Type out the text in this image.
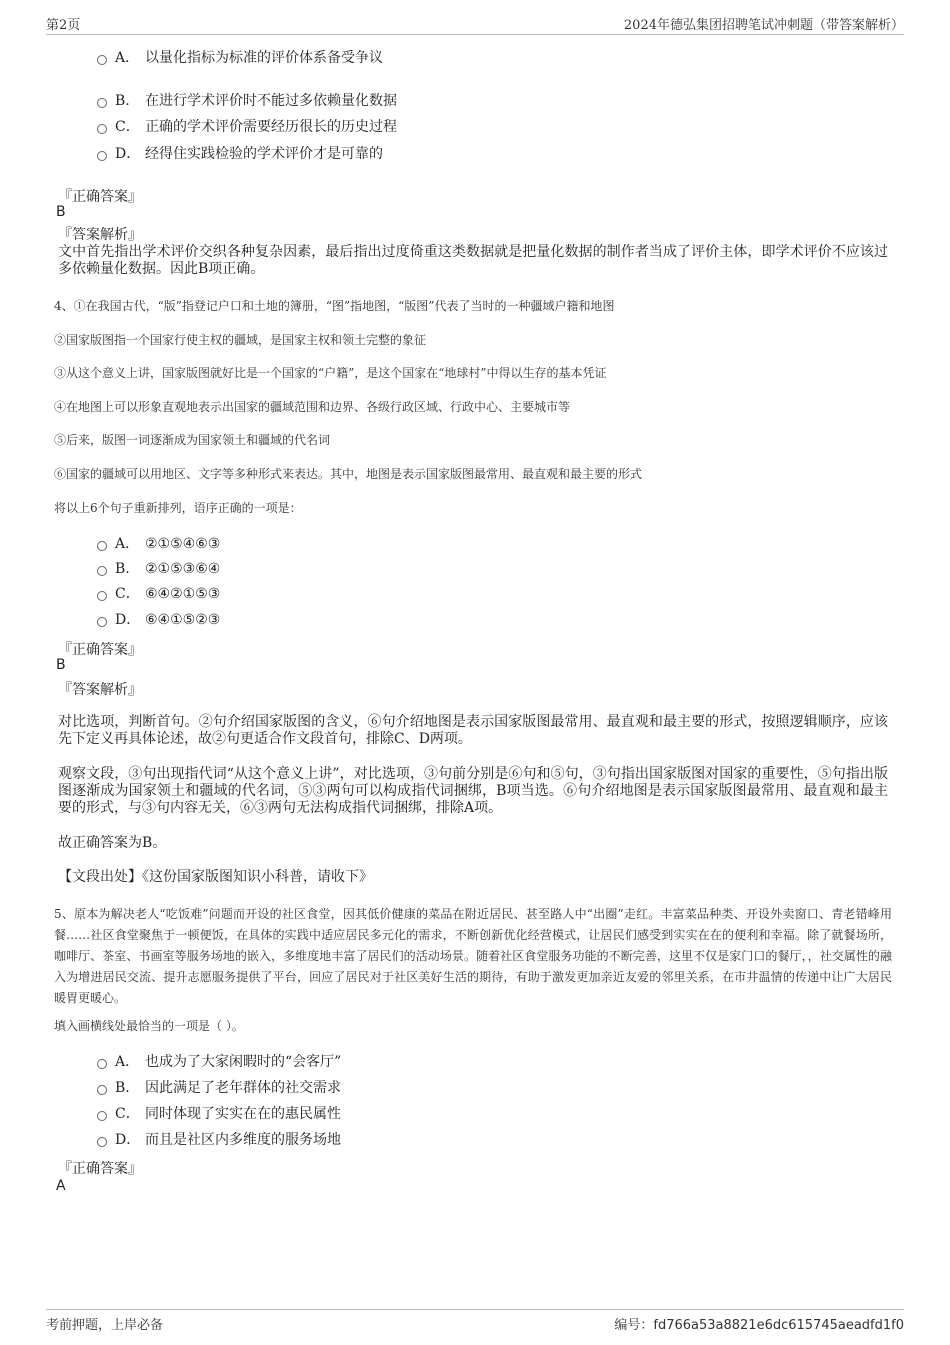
第2页	2024年德弘集团招聘笔试冲刺题（带答案解析）
A． 以量化指标为标准的评价体系备受争议
B. 在进行学术评价时不能过多依赖量化数据
C． 正确的学术评价需要经历很长的历史过程
D． 经得住实践检验的学术评价才是可靠的
『正确答案』
B
『答案解析』
文中首先指出学术评价交织各种复杂因素，最后指出过度倚重这类数据就是把量化数据的制作者当成了评价主体，即学术评价不应该过多依赖量化数据。因此B项正确。
4、①在我国古代，“版”指登记户口和土地的簿册，“图”指地图，“版图”代表了当时的一种疆域户籍和地图
②国家版图指一个国家行使主权的疆域，是国家主权和领土完整的象征
③从这个意义上讲，国家版图就好比是一个国家的“户籍”，是这个国家在“地球村”中得以生存的基本凭证
④在地图上可以形象直观地表示出国家的疆域范围和边界、各级行政区域、行政中心、主要城市等
⑤后来，版图一词逐渐成为国家领土和疆域的代名词
⑥国家的疆域可以用地区、文字等多种形式来表达。其中，地图是表示国家版图最常用、最直观和最主要的形式
将以上6个句子重新排列，语序正确的一项是：
A． ②①⑤④⑥③
B. ②①⑤③⑥④
C． ⑥④②①⑤③
D． ⑥④①⑤②③
『正确答案』
B
『答案解析』
对比选项，判断首句。②句介绍国家版图的含义，⑥句介绍地图是表示国家版图最常用、最直观和最主要的形式，按照逻辑顺序，应该先下定义再具体论述，故②句更适合作文段首句，排除C、D两项。
观察文段，③句出现指代词“从这个意义上讲”，对比选项，③句前分别是⑥句和⑤句，③句指出国家版图对国家的重要性，⑤句指出版图逐渐成为国家领土和疆域的代名词，⑤③两句可以构成指代词捆绑，B项当选。⑥句介绍地图是表示国家版图最常用、最直观和最主要的形式，与③句内容无关，⑥③两句无法构成指代词捆绑，排除A项。
故正确答案为B。
【文段出处】《这份国家版图知识小科普，请收下》
5、原本为解决老人“吃饭难”问题而开设的社区食堂，因其低价健康的菜品在附近居民、甚至路人中“出圈”走红。丰富菜品种类、开设外卖窗口、青老错峰用餐……社区食堂聚焦于一顿便饭，在具体的实践中适应居民多元化的需求，不断创新优化经营模式，让居民们感受到实实在在的便利和幸福。除了就餐场所，咖啡厅、茶室、书画室等服务场地的嵌入，多维度地丰富了居民们的活动场景。随着社区食堂服务功能的不断完善，这里不仅是家门口的餐厅，，社交属性的融入为增进居民交流、提升志愿服务提供了平台，回应了居民对于社区美好生活的期待，有助于激发更加亲近友爱的邻里关系，在市井温情的传递中让广大居民暖胃更暖心。
填入画横线处最恰当的一项是（ ）。
A． 也成为了大家闲暇时的“会客厅”
B. 因此满足了老年群体的社交需求
C． 同时体现了实实在在的惠民属性
D． 而且是社区内多维度的服务场地
『正确答案』
A
考前押题，上岸必备	编号：fd766a53a8821e6dc615745aeadfd1f0
